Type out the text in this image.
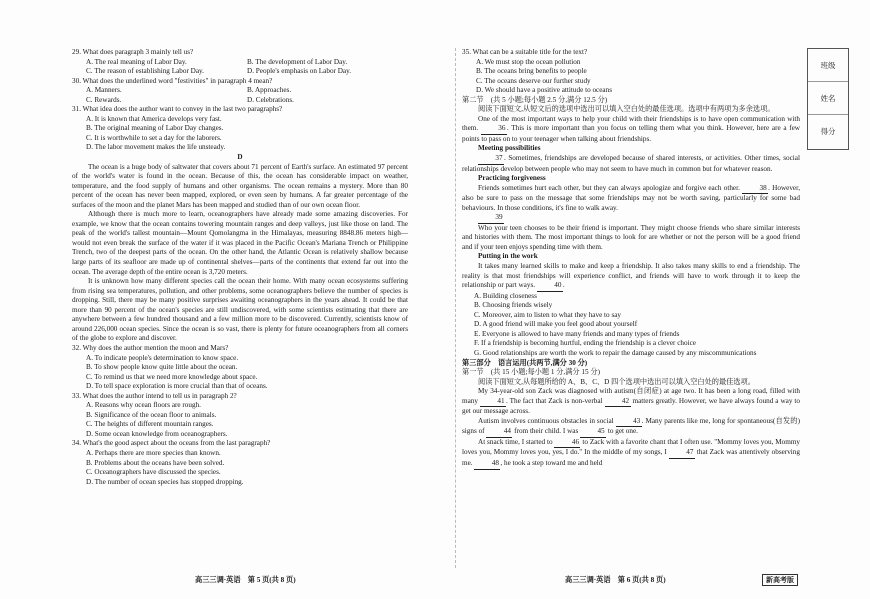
29. What does paragraph 3 mainly tell us?

A. The real meaning of Labor Day.	B. The development of Labor Day.
C. The reason of establishing Labor Day.	D. People's emphasis on Labor Day.

30. What does the underlined word "festivities" in paragraph 4 mean?

A. Manners.	B. Approaches.
C. Rewards.	D. Celebrations.

31. What idea does the author want to convey in the last two paragraphs?

A. It is known that America develops very fast.

B. The original meaning of Labor Day changes.

C. It is worthwhile to set a day for the laborers.

D. The labor movement makes the life unsteady.

D

The ocean is a huge body of saltwater that covers about 71 percent of Earth's surface. An estimated 97 percent of the world's water is found in the ocean. Because of this, the ocean has considerable impact on weather, temperature, and the food supply of humans and other organisms. The ocean remains a mystery. More than 80 percent of the ocean has never been mapped, explored, or even seen by humans. A far greater percentage of the surfaces of the moon and the planet Mars has been mapped and studied than of our own ocean floor.

Although there is much more to learn, oceanographers have already made some amazing discoveries. For example, we know that the ocean contains towering mountain ranges and deep valleys, just like those on land. The peak of the world's tallest mountain—Mount Qomolangma in the Himalayas, measuring 8848.86 meters high—would not even break the surface of the water if it was placed in the Pacific Ocean's Mariana Trench or Philippine Trench, two of the deepest parts of the ocean. On the other hand, the Atlantic Ocean is relatively shallow because large parts of its seafloor are made up of continental shelves—parts of the continents that extend far out into the ocean. The average depth of the entire ocean is 3,720 meters.

It is unknown how many different species call the ocean their home. With many ocean ecosystems suffering from rising sea temperatures, pollution, and other problems, some oceanographers believe the number of species is dropping. Still, there may be many positive surprises awaiting oceanographers in the years ahead. It could be that more than 90 percent of the ocean's species are still undiscovered, with some scientists estimating that there are anywhere between a few hundred thousand and a few million more to be discovered. Currently, scientists know of around 226,000 ocean species. Since the ocean is so vast, there is plenty for future oceanographers from all corners of the globe to explore and discover.

32. Why does the author mention the moon and Mars?

A. To indicate people's determination to know space.

B. To show people know quite little about the ocean.

C. To remind us that we need more knowledge about space.

D. To tell space exploration is more crucial than that of oceans.

33. What does the author intend to tell us in paragraph 2?

A. Reasons why ocean floors are rough.

B. Significance of the ocean floor to animals.

C. The heights of different mountain ranges.

D. Some ocean knowledge from oceanographers.

34. What's the good aspect about the oceans from the last paragraph?

A. Perhaps there are more species than known.

B. Problems about the oceans have been solved.

C. Oceanographers have discussed the species.

D. The number of ocean species has stopped dropping.

35. What can be a suitable title for the text?

A. We must stop the ocean pollution

B. The oceans bring benefits to people

C. The oceans deserve our further study

D. We should have a positive attitude to oceans

第二节　(共 5 小题;每小题 2.5 分,满分 12.5 分)

阅读下面短文,从短文后的选项中选出可以填入空白处的最佳选项。选项中有两项为多余选项。

One of the most important ways to help your child with their friendships is to have open communication with them.	36. This is more important than you focus on telling them what you think. However, here are a few points to pass on to your teenager when talking about friendships.

Meeting possibilities

37. Sometimes, friendships are developed because of shared interests, or activities. Other times, social relationships develop between people who may not seem to have much in common but for whatever reason.

Practicing forgiveness

Friends sometimes hurt each other, but they can always apologize and forgive each other.	38. However, also be sure to pass on the message that some friendships may not be worth saving, particularly for some bad behaviours. In those conditions, it's fine to walk away.

39

Who your teen chooses to be their friend is important. They might choose friends who share similar interests and histories with them. The most important things to look for are whether or not the person will be a good friend and if your teen enjoys spending time with them.

Putting in the work

It takes many learned skills to make and keep a friendship. It also takes many skills to end a friendship. The reality is that most friendships will experience conflict, and friends will have to work through it to keep the relationship or part ways.	40.

A. Building closeness

B. Choosing friends wisely

C. Moreover, aim to listen to what they have to say

D. A good friend will make you feel good about yourself

E. Everyone is allowed to have many friends and many types of friends

F. If a friendship is becoming hurtful, ending the friendship is a clever choice

G. Good relationships are worth the work to repair the damage caused by any miscommunications

第三部分　语言运用(共两节,满分 30 分)

第一节　(共 15 小题;每小题 1 分,满分 15 分)

阅读下面短文,从每题所给的 A、B、C、D 四个选项中选出可以填入空白处的最佳选项。

My 34-year-old son Zack was diagnosed with autism(自闭症) at age two. It has been a long road, filled with many	41. The fact that Zack is non-verbal	42 matters greatly. However, we have always found a way to get our message across.

Autism involves continuous obstacles in social	43. Many parents like me, long for spontaneous(自发的) signs of	44 from their child. I was	45 to get one.

At snack time, I started to	46 to Zack with a favorite chant that I often use. "Mommy loves you, Mommy loves you, Mommy loves you, yes, I do." In the middle of my songs, I	47 that Zack was attentively observing me.	48, he took a step toward me and held

班级
姓名
得分
高三三调·英语　第 5 页(共 8 页)	高三三调·英语　第 6 页(共 8 页)	新高考版
